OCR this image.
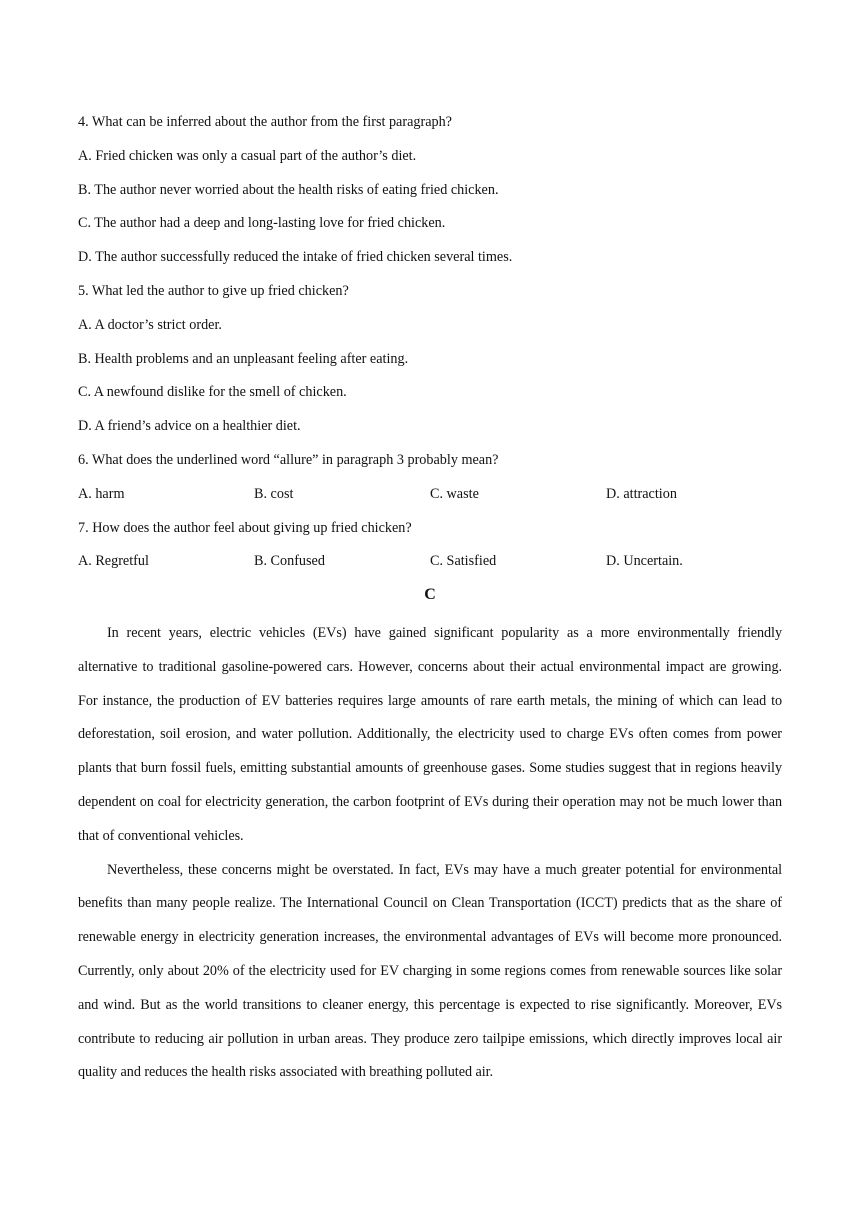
4. What can be inferred about the author from the first paragraph?
A. Fried chicken was only a casual part of the author’s diet.
B. The author never worried about the health risks of eating fried chicken.
C. The author had a deep and long-lasting love for fried chicken.
D. The author successfully reduced the intake of fried chicken several times.
5. What led the author to give up fried chicken?
A. A doctor’s strict order.
B. Health problems and an unpleasant feeling after eating.
C. A newfound dislike for the smell of chicken.
D. A friend’s advice on a healthier diet.
6. What does the underlined word “allure” in paragraph 3 probably mean?
A. harm	B. cost	C. waste	D. attraction
7. How does the author feel about giving up fried chicken?
A. Regretful	B. Confused	C. Satisfied	D. Uncertain.
C

In recent years, electric vehicles (EVs) have gained significant popularity as a more environmentally friendly alternative to traditional gasoline-powered cars. However, concerns about their actual environmental impact are growing. For instance, the production of EV batteries requires large amounts of rare earth metals, the mining of which can lead to deforestation, soil erosion, and water pollution. Additionally, the electricity used to charge EVs often comes from power plants that burn fossil fuels, emitting substantial amounts of greenhouse gases. Some studies suggest that in regions heavily dependent on coal for electricity generation, the carbon footprint of EVs during their operation may not be much lower than that of conventional vehicles.

Nevertheless, these concerns might be overstated. In fact, EVs may have a much greater potential for environmental benefits than many people realize. The International Council on Clean Transportation (ICCT) predicts that as the share of renewable energy in electricity generation increases, the environmental advantages of EVs will become more pronounced. Currently, only about 20% of the electricity used for EV charging in some regions comes from renewable sources like solar and wind. But as the world transitions to cleaner energy, this percentage is expected to rise significantly. Moreover, EVs contribute to reducing air pollution in urban areas. They produce zero tailpipe emissions, which directly improves local air quality and reduces the health risks associated with breathing polluted air.
